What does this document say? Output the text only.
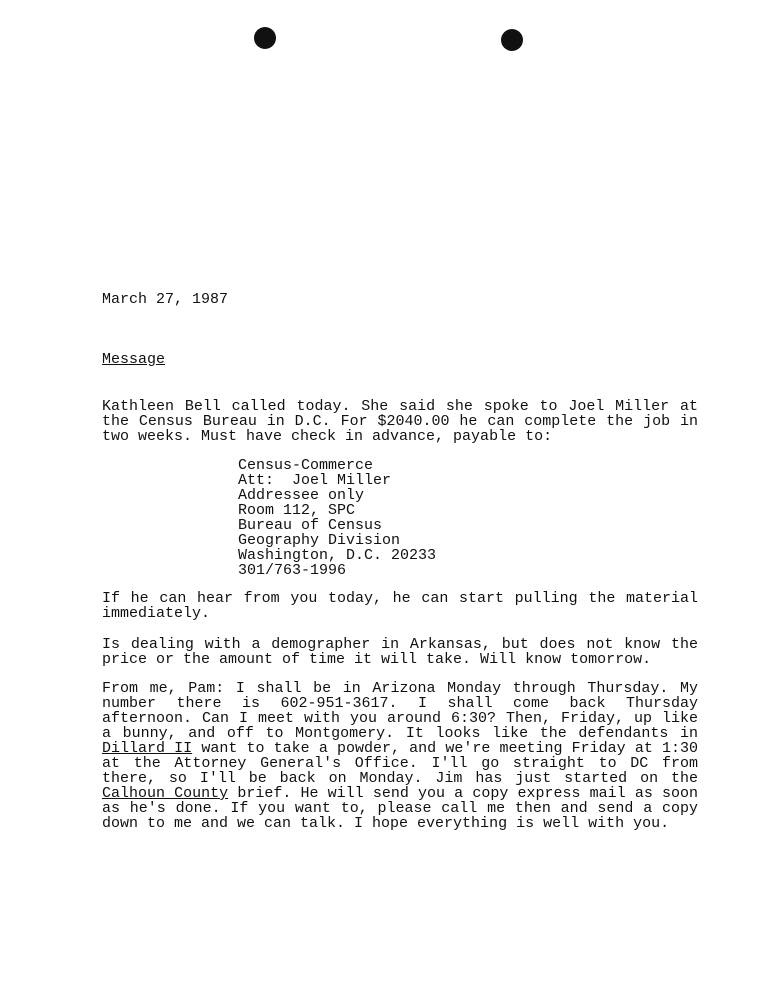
March 27, 1987

Message

Kathleen Bell called today. She said she spoke to Joel Miller at the Census Bureau in D.C. For $2040.00 he can complete the job in two weeks. Must have check in advance, payable to:

Census-Commerce
Att:  Joel Miller
Addressee only
Room 112, SPC
Bureau of Census
Geography Division
Washington, D.C. 20233
301/763-1996

If he can hear from you today, he can start pulling the material immediately.

Is dealing with a demographer in Arkansas, but does not know the price or the amount of time it will take. Will know tomorrow.

From me, Pam: I shall be in Arizona Monday through Thursday. My number there is 602-951-3617. I shall come back Thursday afternoon. Can I meet with you around 6:30? Then, Friday, up like a bunny, and off to Montgomery. It looks like the defendants in Dillard II want to take a powder, and we're meeting Friday at 1:30 at the Attorney General's Office. I'll go straight to DC from there, so I'll be back on Monday. Jim has just started on the Calhoun County brief. He will send you a copy express mail as soon as he's done. If you want to, please call me then and send a copy down to me and we can talk. I hope everything is well with you.
